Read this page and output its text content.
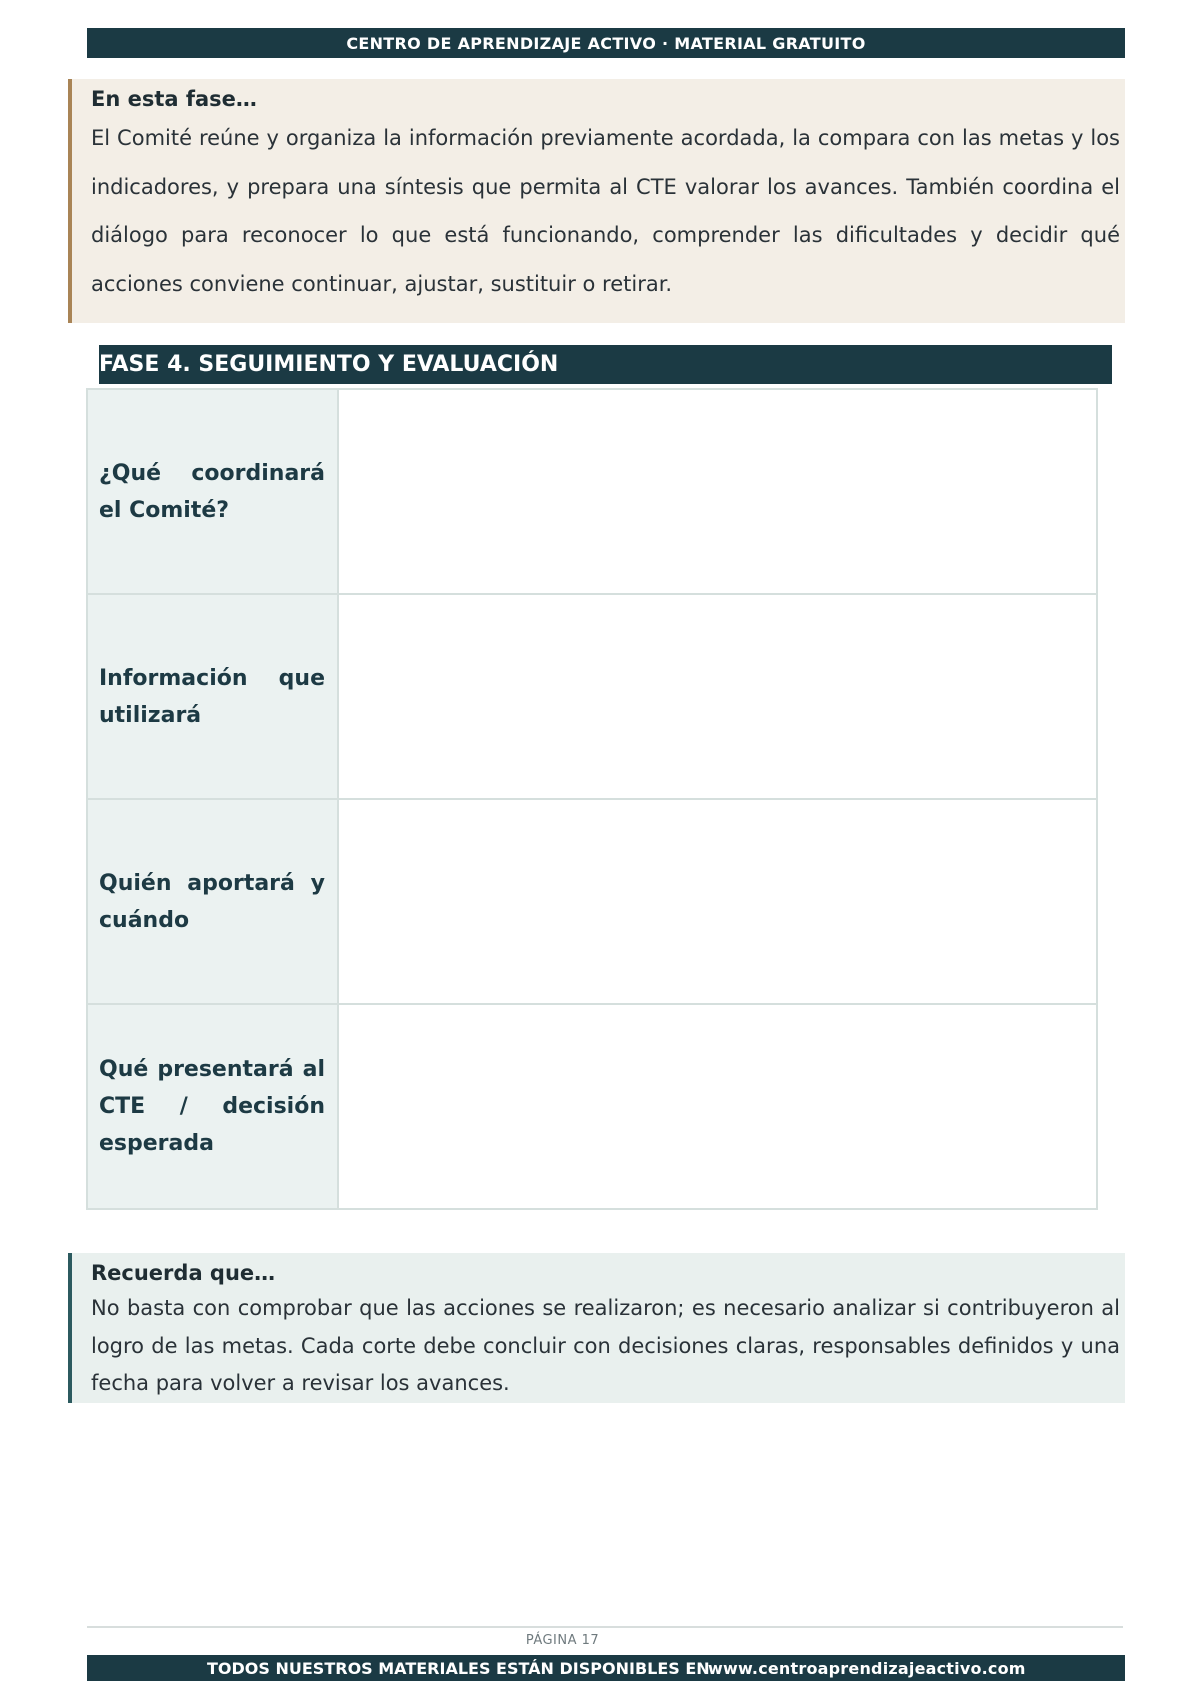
CENTRO DE APRENDIZAJE ACTIVO · MATERIAL GRATUITO
En esta fase…
El Comité reúne y organiza la información previamente acordada, la compara con las metas y los indicadores, y prepara una síntesis que permita al CTE valorar los avances. También coordina el diálogo para reconocer lo que está funcionando, comprender las dificultades y decidir qué acciones conviene continuar, ajustar, sustituir o retirar.
FASE 4. SEGUIMIENTO Y EVALUACIÓN
¿Qué coordinará el Comité?	

Información que utilizará	

Quién aportará y cuándo	

Qué presentará al CTE / decisión esperada	

Recuerda que…
No basta con comprobar que las acciones se realizaron; es necesario analizar si contribuyeron al logro de las metas. Cada corte debe concluir con decisiones claras, responsables definidos y una fecha para volver a revisar los avances.
PÁGINA 17
TODOS NUESTROS MATERIALES ESTÁN DISPONIBLES EN
www.centroaprendizajeactivo.com
